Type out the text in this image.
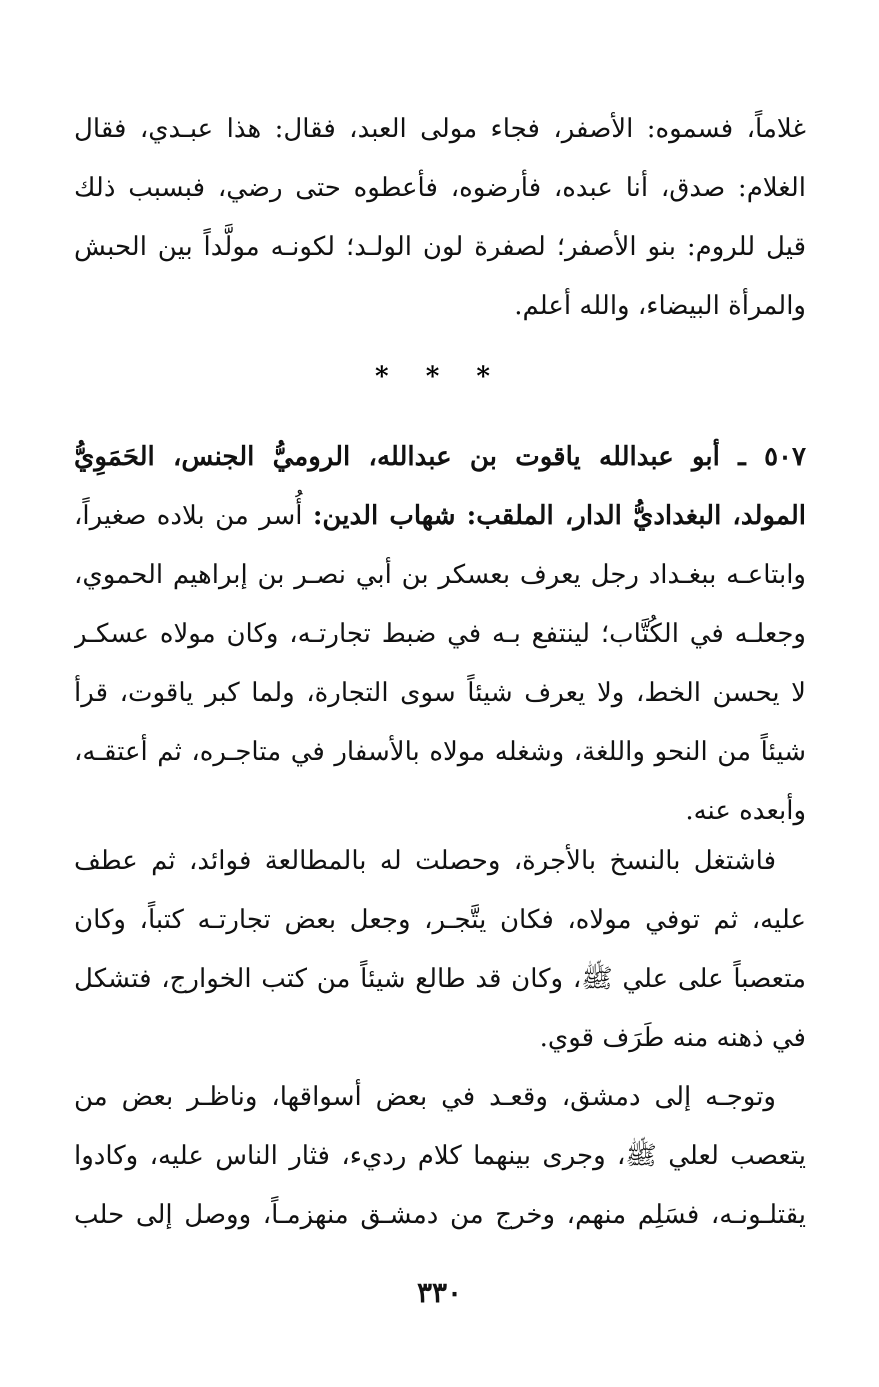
غلاماً، فسموه: الأصفر، فجاء مولى العبد، فقال: هذا عبـدي، فقال
الغلام: صدق، أنا عبده، فأرضوه، فأعطوه حتى رضي، فبسبب ذلك
قيل للروم: بنو الأصفر؛ لصفرة لون الولـد؛ لكونـه مولَّداً بين الحبش
والمرأة البيضاء، والله أعلم.
* * *
٥٠٧ ـ أبو عبدالله ياقوت بن عبدالله، الروميُّ الجنس، الحَمَوِيُّ
المولد، البغداديُّ الدار، الملقب: شهاب الدين: أُسر من بلاده صغيراً،
وابتاعـه ببغـداد رجل يعرف بعسكر بن أبي نصـر بن إبراهيم الحموي،
وجعلـه في الكُتَّاب؛ لينتفع بـه في ضبط تجارتـه، وكان مولاه عسكـر
لا يحسن الخط، ولا يعرف شيئاً سوى التجارة، ولما كبر ياقوت، قرأ
شيئاً من النحو واللغة، وشغله مولاه بالأسفار في متاجـره، ثم أعتقـه،
وأبعده عنه.
فاشتغل بالنسخ بالأجرة، وحصلت له بالمطالعة فوائد، ثم عطف
عليه، ثم توفي مولاه، فكان يتَّجـر، وجعل بعض تجارتـه كتباً، وكان
متعصباً على علي ﷺ، وكان قد طالع شيئاً من كتب الخوارج، فتشكل
في ذهنه منه طَرَف قوي.
وتوجـه إلى دمشق، وقعـد في بعض أسواقها، وناظـر بعض من
يتعصب لعلي ﷺ، وجرى بينهما كلام رديء، فثار الناس عليه، وكادوا
يقتلـونـه، فسَلِم منهم، وخرج من دمشـق منهزمـاً، ووصل إلى حلب
٣٣٠
